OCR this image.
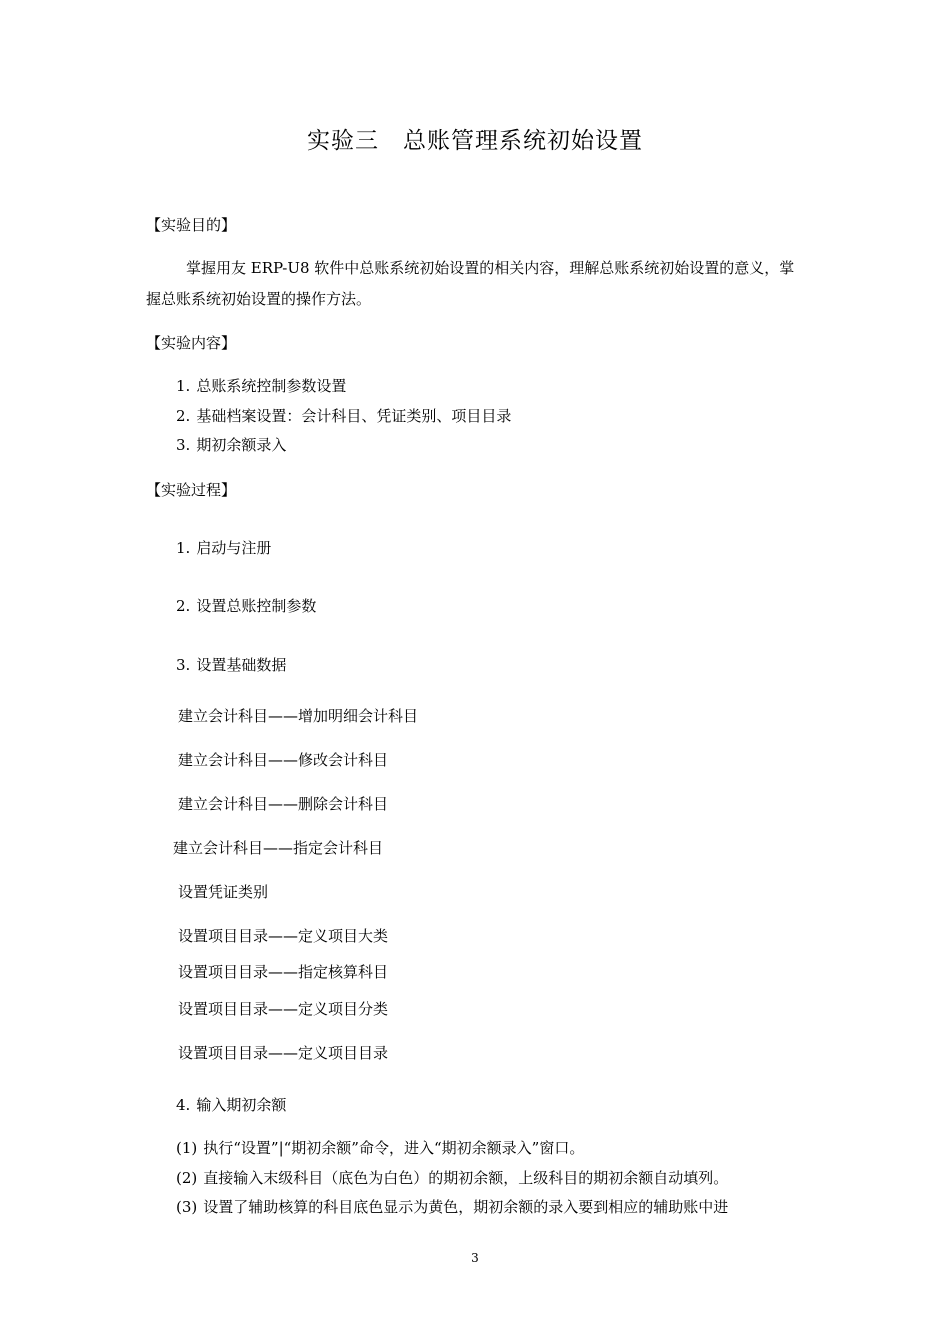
实验三　总账管理系统初始设置
【实验目的】
掌握用友 ERP-U8 软件中总账系统初始设置的相关内容，理解总账系统初始设置的意义，掌握总账系统初始设置的操作方法。
【实验内容】
1. 总账系统控制参数设置
2. 基础档案设置：会计科目、凭证类别、项目目录
3. 期初余额录入
【实验过程】
1. 启动与注册
2. 设置总账控制参数
3. 设置基础数据
建立会计科目——增加明细会计科目
建立会计科目——修改会计科目
建立会计科目——删除会计科目
建立会计科目——指定会计科目
设置凭证类别
设置项目目录——定义项目大类
设置项目目录——指定核算科目
设置项目目录——定义项目分类
设置项目目录——定义项目目录
4. 输入期初余额
(1) 执行“设置”|“期初余额”命令，进入“期初余额录入”窗口。
(2) 直接输入末级科目（底色为白色）的期初余额，上级科目的期初余额自动填列。
(3) 设置了辅助核算的科目底色显示为黄色，期初余额的录入要到相应的辅助账中进
3
